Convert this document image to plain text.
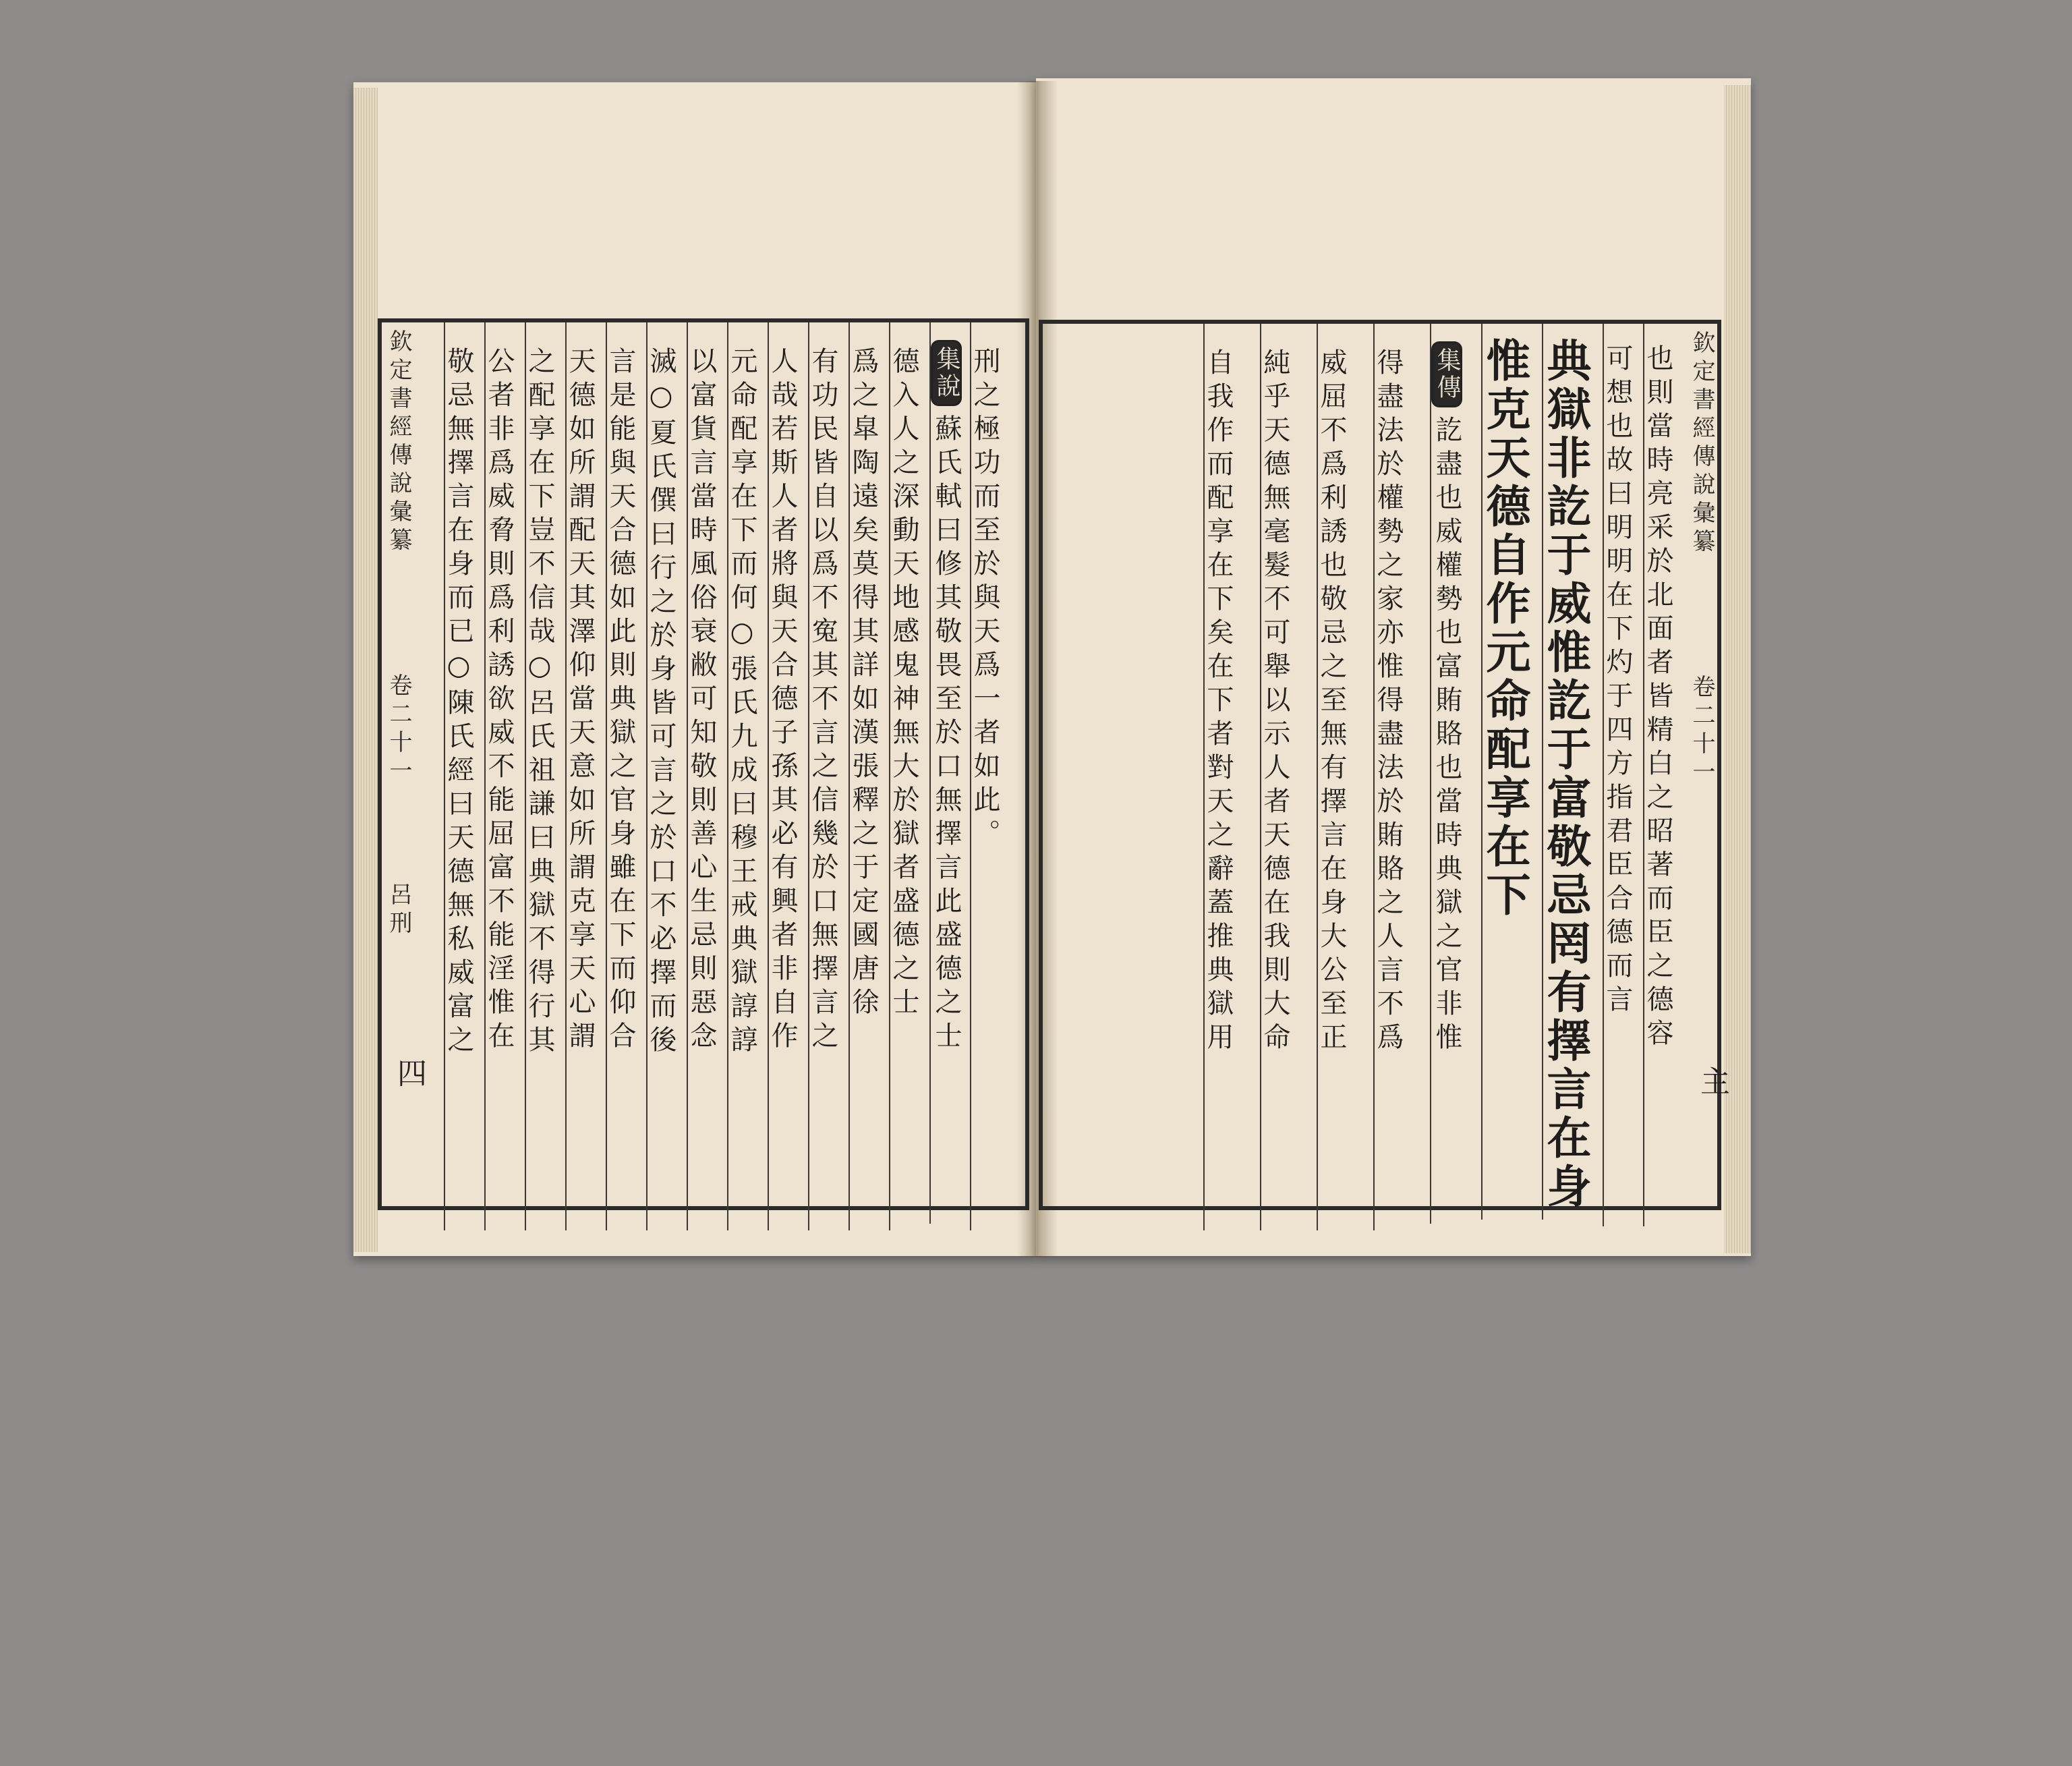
刑之極功而至於與天爲一者如此。
集說蘇氏軾曰修其敬畏至於口無擇言此盛德之士
德入人之深動天地感鬼神無大於獄者盛德之士
爲之皐陶遠矣莫得其詳如漢張釋之于定國唐徐
有功民皆自以爲不寃其不言之信幾於口無擇言之
人哉若斯人者將與天合德子孫其必有興者非自作
元命配享在下而何○張氏九成曰穆王戒典獄諄諄
以富貨言當時風俗衰敝可知敬則善心生忌則惡念
滅○夏氏僎曰行之於身皆可言之於口不必擇而後
言是能與天合德如此則典獄之官身雖在下而仰合
天德如所謂配天其澤仰當天意如所謂克享天心謂
之配享在下豈不信哉○呂氏祖謙曰典獄不得行其
公者非爲威脅則爲利誘欲威不能屈富不能淫惟在
敬忌無擇言在身而已○陳氏經曰天德無私威富之
欽定書經傳說彙纂
卷二十一
呂刑
四
欽定書經傳說彙纂
卷二十一
主
也則當時亮采於北面者皆精白之昭著而臣之德容
可想也故曰明明在下灼于四方指君臣合德而言
典獄非訖于威惟訖于富敬忌罔有擇言在身
惟克天德自作元命配享在下
集傳訖盡也威權勢也富賄賂也當時典獄之官非惟
得盡法於權勢之家亦惟得盡法於賄賂之人言不爲
威屈不爲利誘也敬忌之至無有擇言在身大公至正
純乎天德無毫髮不可舉以示人者天德在我則大命
自我作而配享在下矣在下者對天之辭蓋推典獄用
